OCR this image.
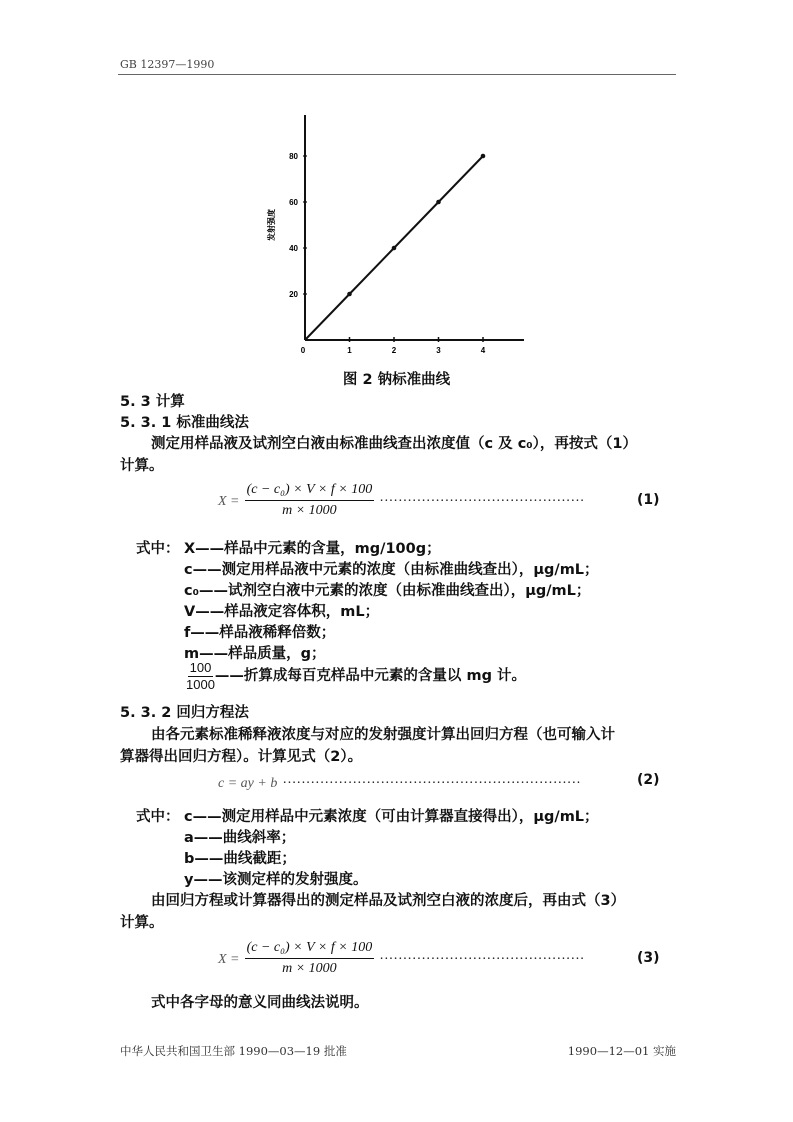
GB 12397—1990
0	1	2	3	4
20
40
60
80
发射强度
图 2 钠标准曲线
5. 3 计算
5. 3. 1 标准曲线法
测定用样品液及试剂空白液由标准曲线查出浓度值（c 及 c₀），再按式（1）
计算。
$X = \frac{\text{(c − c₀) × V × f × 100}}{m \times 1000}$ ············································	(1)
式中： X——样品中元素的含量，mg/100g；
c——测定用样品液中元素的浓度（由标准曲线查出），μg/mL；
c₀——试剂空白液中元素的浓度（由标准曲线查出），μg/mL；
V——样品液定容体积，mL；
f——样品液稀释倍数；
m——样品质量，g；
$\frac{100}{1000}$ ——折算成每百克样品中元素的含量以 mg 计。
5. 3. 2 回归方程法
由各元素标准稀释液浓度与对应的发射强度计算出回归方程（也可输入计
算器得出回归方程）。计算见式（2）。
c = ay + b ································································	(2)
式中： c——测定用样品中元素浓度（可由计算器直接得出），μg/mL；
a——曲线斜率；
b——曲线截距；
y——该测定样的发射强度。
由回归方程或计算器得出的测定样品及试剂空白液的浓度后，再由式（3）
计算。
$X = \frac{\text{(c − c₀) × V × f × 100}}{m \times 1000}$ ············································	(3)
式中各字母的意义同曲线法说明。
中华人民共和国卫生部 1990—03—19 批准	1990—12—01 实施
